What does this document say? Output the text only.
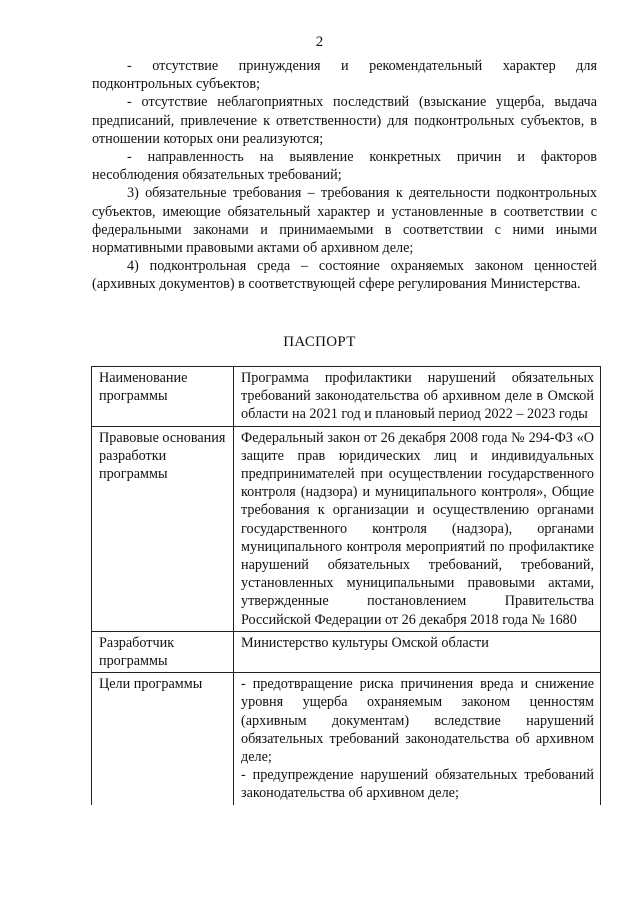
2

- отсутствие принуждения и рекомендательный характер для подконтрольных субъектов;

- отсутствие неблагоприятных последствий (взыскание ущерба, выдача предписаний, привлечение к ответственности) для подконтрольных субъектов, в отношении которых они реализуются;

- направленность на выявление конкретных причин и факторов несоблюдения обязательных требований;

3) обязательные требования – требования к деятельности подконтрольных субъектов, имеющие обязательный характер и установленные в соответствии с федеральными законами и принимаемыми в соответствии с ними иными нормативными правовыми актами об архивном деле;

4) подконтрольная среда – состояние охраняемых законом ценностей (архивных документов) в соответствующей сфере регулирования Министерства.

ПАСПОРТ
Наименование программы	Программа профилактики нарушений обязательных требований законодательства об архивном деле в Омской области на 2021 год и плановый период 2022 – 2023 годы

Правовые основания разработки программы	Федеральный закон от 26 декабря 2008 года № 294-ФЗ «О защите прав юридических лиц и индивидуальных предпринимателей при осуществлении государственного контроля (надзора) и муниципального контроля», Общие требования к организации и осуществлению органами государственного контроля (надзора), органами муниципального контроля мероприятий по профилактике нарушений обязательных требований, требований, установленных муниципальными правовыми актами, утвержденные постановлением Правительства Российской Федерации от 26 декабря 2018 года № 1680

Разработчик программы	Министерство культуры Омской области

Цели программы	- предотвращение риска причинения вреда и снижение уровня ущерба охраняемым законом ценностям (архивным документам) вследствие нарушений обязательных требований законодательства об архивном деле;

- предупреждение нарушений обязательных требований законодательства об архивном деле;
